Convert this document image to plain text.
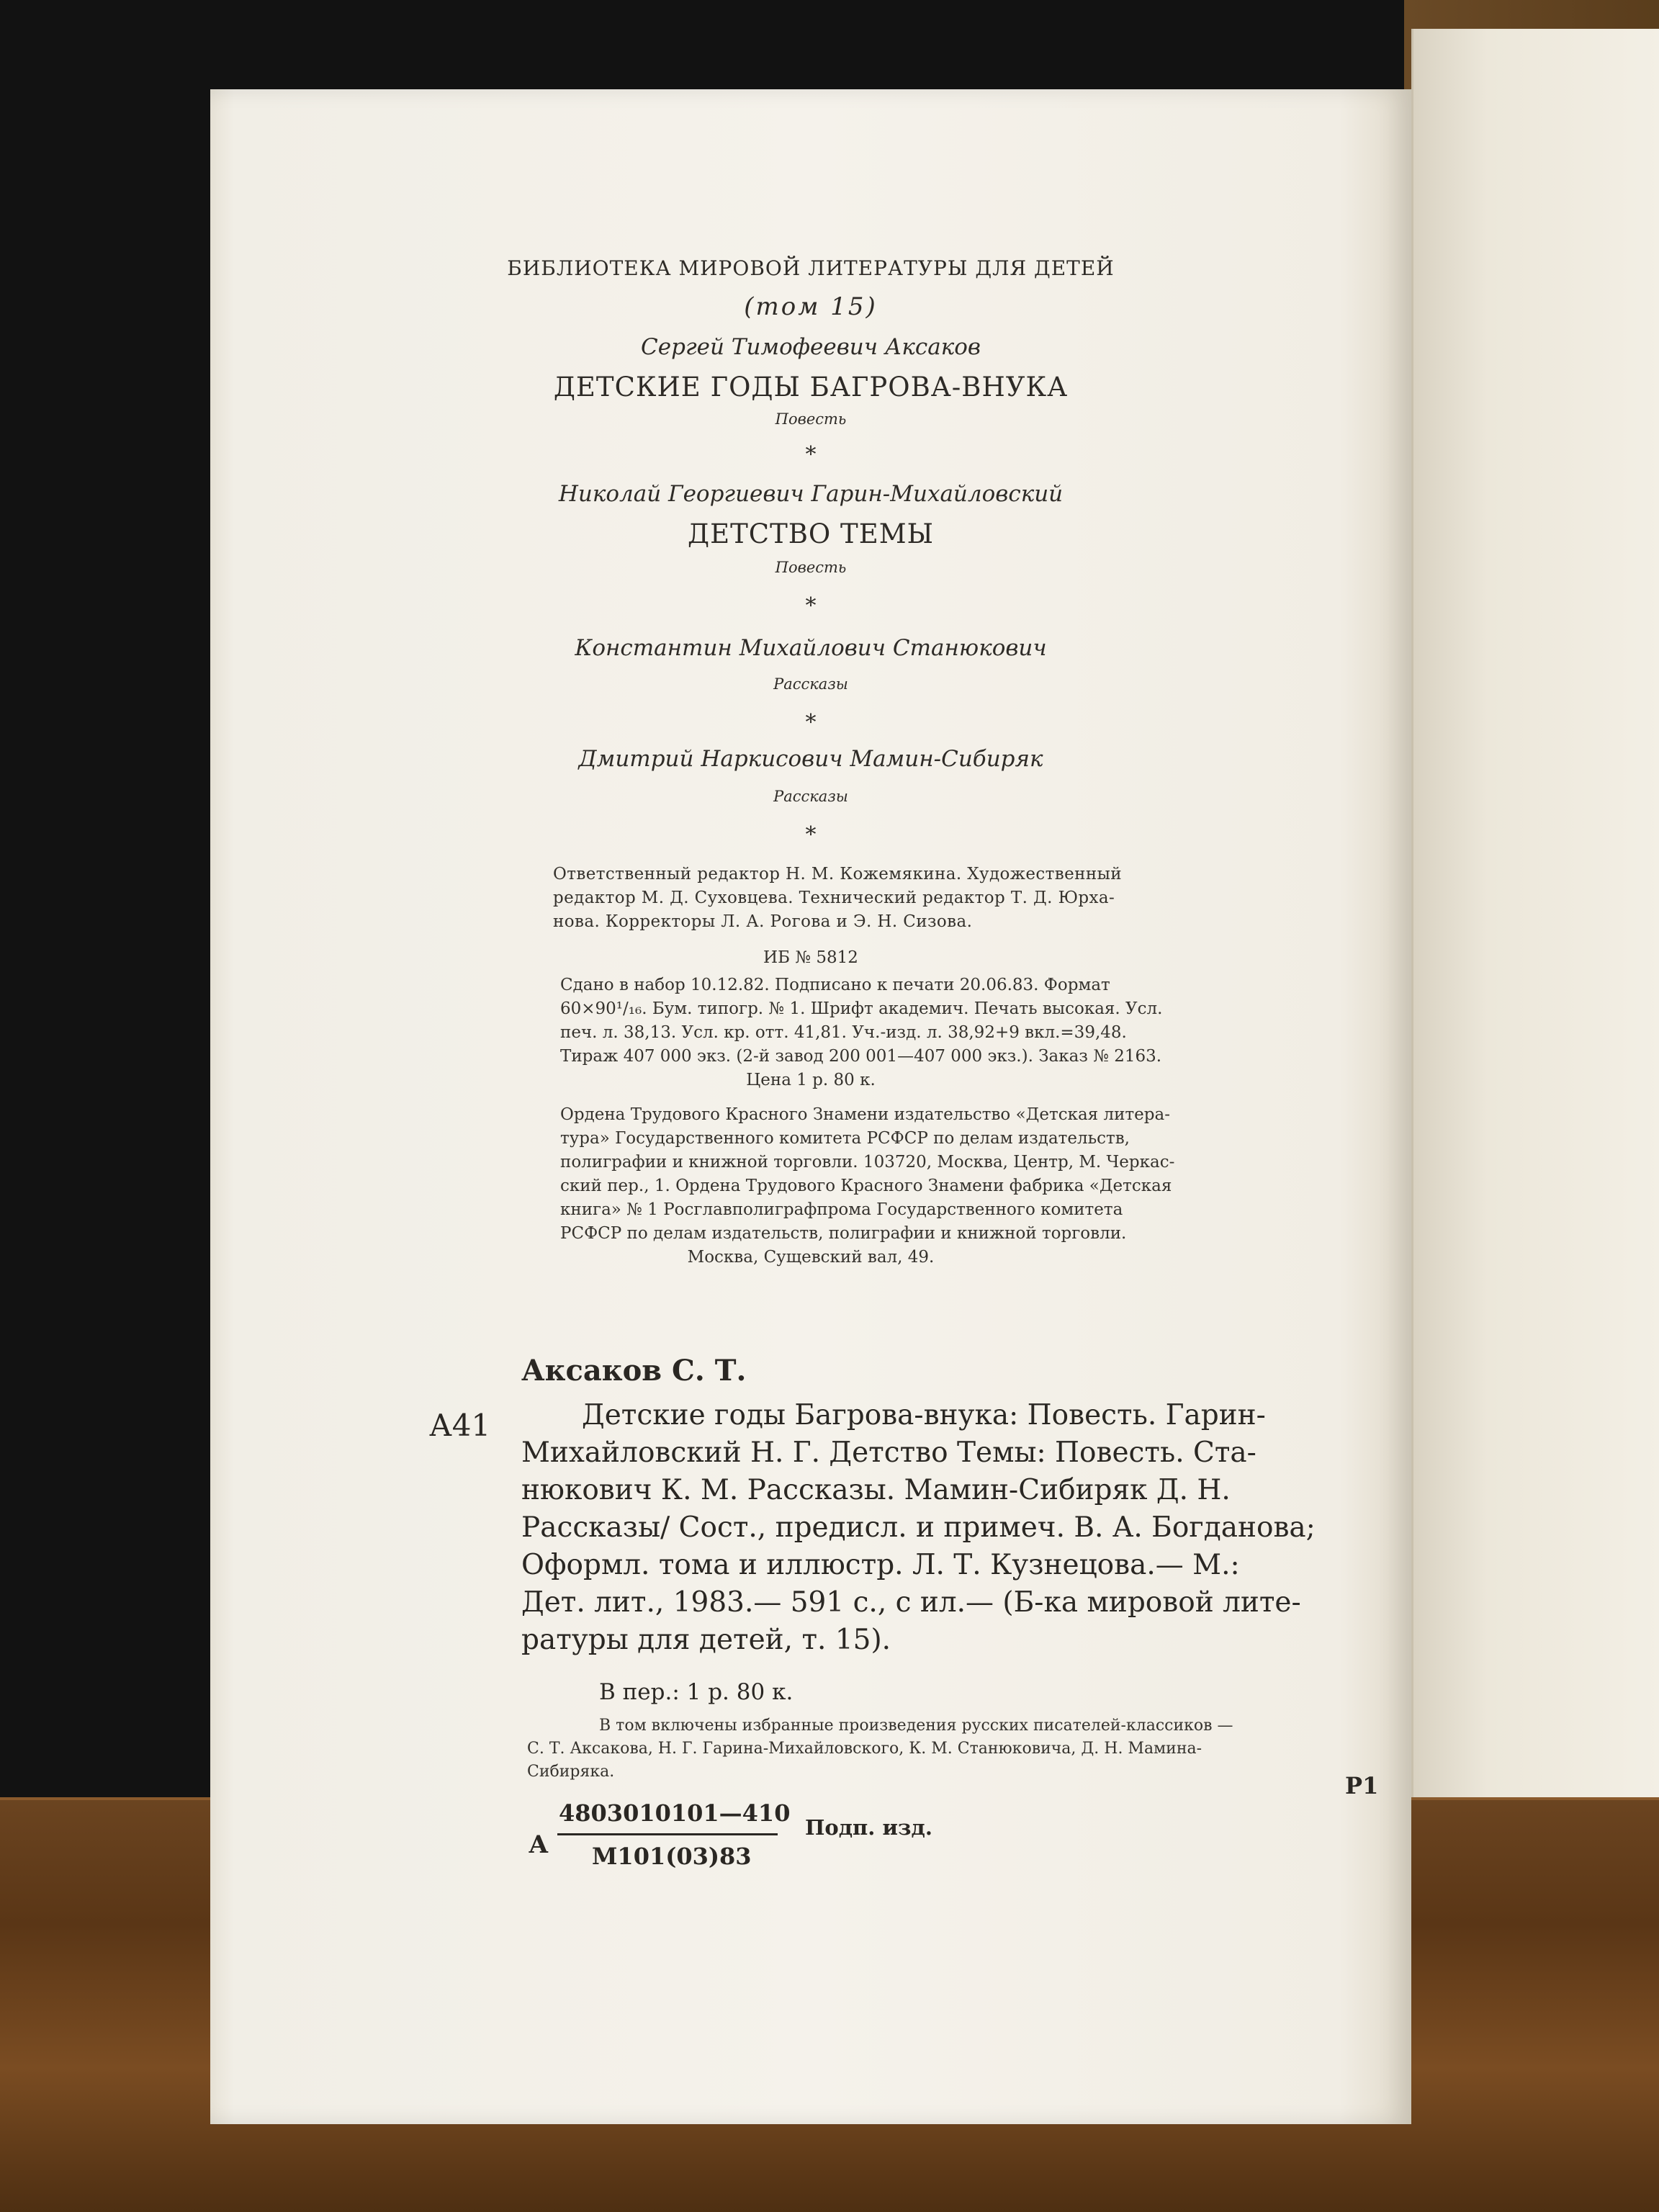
БИБЛИОТЕКА МИРОВОЙ ЛИТЕРАТУРЫ ДЛЯ ДЕТЕЙ
(том 15)
Сергей Тимофеевич Аксаков
ДЕТСКИЕ ГОДЫ БАГРОВА-ВНУКА
Повесть
*
Николай Георгиевич Гарин-Михайловский
ДЕТСТВО ТЕМЫ
Повесть
*
Константин Михайлович Станюкович
Рассказы
*
Дмитрий Наркисович Мамин-Сибиряк
Рассказы
*
Ответственный редактор Н. М. Кожемякина. Художественный
редактор М. Д. Суховцева. Технический редактор Т. Д. Юрха-
нова. Корректоры Л. А. Рогова и Э. Н. Сизова.
ИБ № 5812
Сдано в набор 10.12.82. Подписано к печати 20.06.83. Формат
60×90¹/₁₆. Бум. типогр. № 1. Шрифт академич. Печать высокая. Усл.
печ. л. 38,13. Усл. кр. отт. 41,81. Уч.-изд. л. 38,92+9 вкл.=39,48.
Тираж 407 000 экз. (2-й завод 200 001—407 000 экз.). Заказ № 2163.
Цена 1 р. 80 к.
Ордена Трудового Красного Знамени издательство «Детская литера-
тура» Государственного комитета РСФСР по делам издательств,
полиграфии и книжной торговли. 103720, Москва, Центр, М. Черкас-
ский пер., 1. Ордена Трудового Красного Знамени фабрика «Детская
книга» № 1 Росглавполиграфпрома Государственного комитета
РСФСР по делам издательств, полиграфии и книжной торговли.
Москва, Сущевский вал, 49.
Аксаков С. Т.
А41	Детские годы Багрова-внука: Повесть. Гарин-
Михайловский Н. Г. Детство Темы: Повесть. Ста-
нюкович К. М. Рассказы. Мамин-Сибиряк Д. Н.
Рассказы/ Сост., предисл. и примеч. В. А. Богданова;
Оформл. тома и иллюстр. Л. Т. Кузнецова.— М.:
Дет. лит., 1983.— 591 с., с ил.— (Б-ка мировой лите-
ратуры для детей, т. 15).
В пер.: 1 р. 80 к.
В том включены избранные произведения русских писателей-классиков —
С. Т. Аксакова, Н. Г. Гарина-Михайловского, К. М. Станюковича, Д. Н. Мамина-
Сибиряка.
Р1
А
4803010101—410
М101(03)83
Подп. изд.
